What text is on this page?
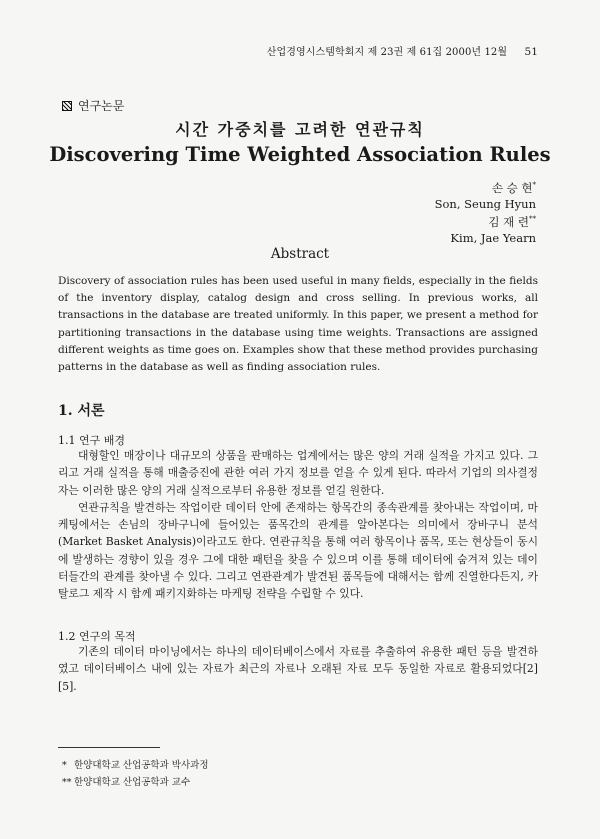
산업경영시스템학회지 제 23권 제 61집 2000년 12월 51
연구논문
시간 가중치를 고려한 연관규칙
Discovering Time Weighted Association Rules
손 승 현*
Son, Seung Hyun
김 재 련**
Kim, Jae Yearn
Abstract
Discovery of association rules has been used useful in many fields, especially in the fields of the inventory display, catalog design and cross selling. In previous works, all transactions in the database are treated uniformly. In this paper, we present a method for partitioning transactions in the database using time weights. Transactions are assigned different weights as time goes on. Examples show that these method provides purchasing patterns in the database as well as finding association rules.
1. 서론
1.1 연구 배경

대형할인 매장이나 대규모의 상품을 판매하는 업계에서는 많은 양의 거래 실적을 가지고 있다. 그리고 거래 실적을 통해 매출증진에 관한 여러 가지 정보를 얻을 수 있게 된다. 따라서 기업의 의사결정자는 이러한 많은 양의 거래 실적으로부터 유용한 정보를 얻길 원한다.

연관규칙을 발견하는 작업이란 데이터 안에 존재하는 항목간의 종속관계를 찾아내는 작업이며, 마케팅에서는 손님의 장바구니에 들어있는 품목간의 관계를 알아본다는 의미에서 장바구니 분석(Market Basket Analysis)이라고도 한다. 연관규칙을 통해 여러 항목이나 품목, 또는 현상들이 동시에 발생하는 경향이 있을 경우 그에 대한 패턴을 찾을 수 있으며 이를 통해 데이터에 숨겨져 있는 데이터들간의 관계를 찾아낼 수 있다. 그리고 연관관계가 발견된 품목들에 대해서는 함께 진열한다든지, 카탈로그 제작 시 함께 패키지화하는 마케팅 전략을 수립할 수 있다.

1.2 연구의 목적

기존의 데이터 마이닝에서는 하나의 데이터베이스에서 자료를 추출하여 유용한 패턴 등을 발견하였고 데이터베이스 내에 있는 자료가 최근의 자료나 오래된 자료 모두 동일한 자료로 활용되었다[2][5].

* 한양대학교 산업공학과 박사과정
** 한양대학교 산업공학과 교수
